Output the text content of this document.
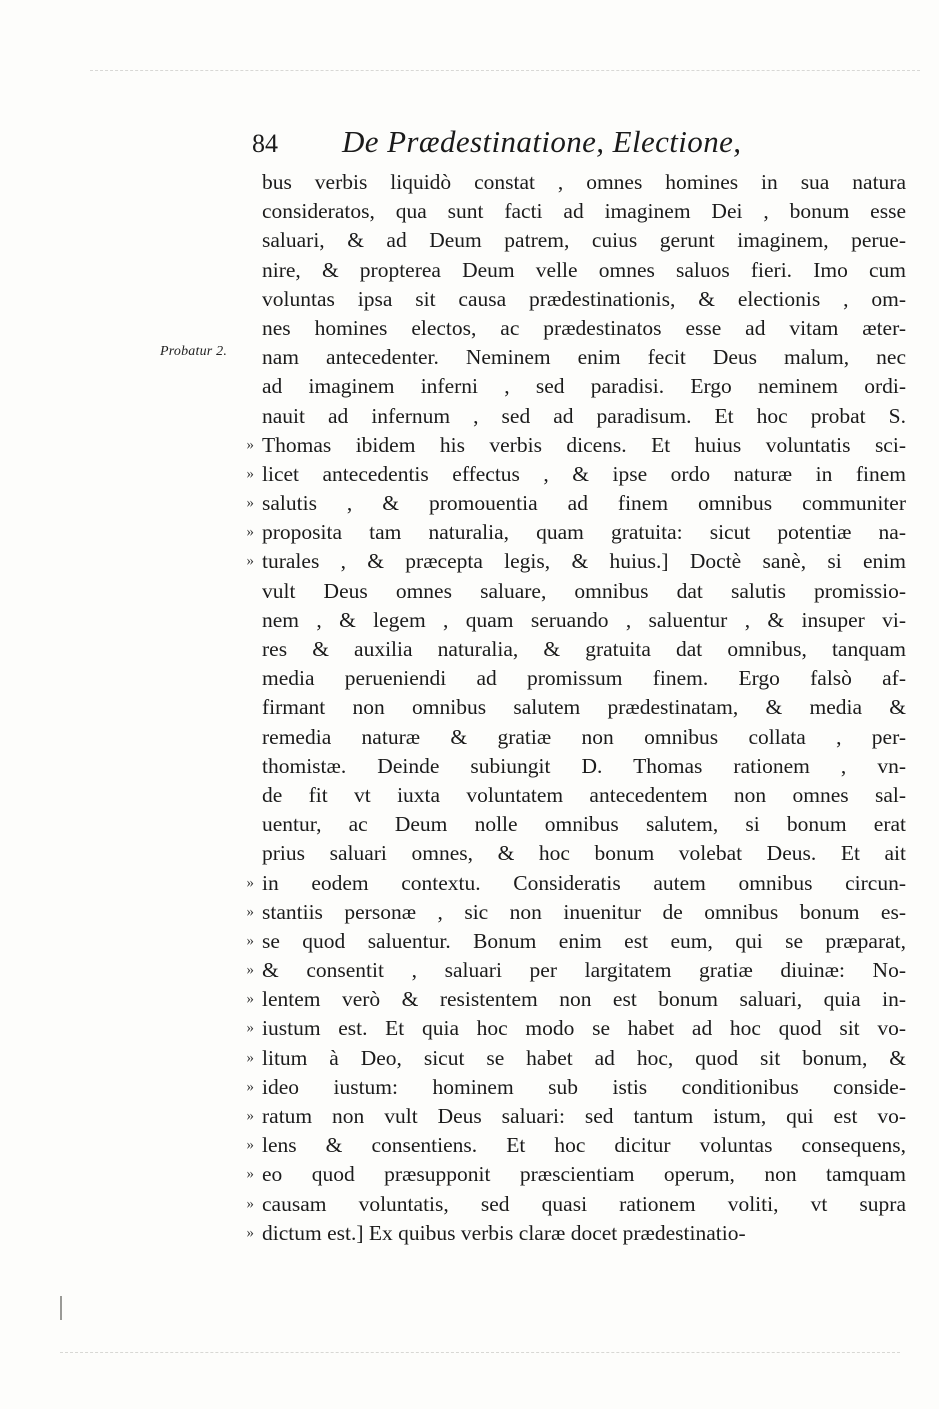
84	De Prædestinatione, Electione,
Probatur 2.
bus verbis liquidò constat , omnes homines in sua natura
consideratos, qua sunt facti ad imaginem Dei , bonum esse
saluari, & ad Deum patrem, cuius gerunt imaginem, perue-
nire, & propterea Deum velle omnes saluos fieri. Imo cum
voluntas ipsa sit causa prædestinationis, & electionis , om-
nes homines electos, ac prædestinatos esse ad vitam æter-
nam antecedenter. Neminem enim fecit Deus malum, nec
ad imaginem inferni , sed paradisi. Ergo neminem ordi-
nauit ad infernum , sed ad paradisum. Et hoc probat S.
» Thomas ibidem his verbis dicens. Et huius voluntatis sci-
» licet antecedentis effectus , & ipse ordo naturæ in finem
» salutis , & promouentia ad finem omnibus communiter
» proposita tam naturalia, quam gratuita: sicut potentiæ na-
» turales , & præcepta legis, & huius.] Doctè sanè, si enim
vult Deus omnes saluare, omnibus dat salutis promissio-
nem , & legem , quam seruando , saluentur , & insuper vi-
res & auxilia naturalia, & gratuita dat omnibus, tanquam
media perueniendi ad promissum finem. Ergo falsò af-
firmant non omnibus salutem prædestinatam, & media &
remedia naturæ & gratiæ non omnibus collata , per-
thomistæ. Deinde subiungit D. Thomas rationem , vn-
de fit vt iuxta voluntatem antecedentem non omnes sal-
uentur, ac Deum nolle omnibus salutem, si bonum erat
prius saluari omnes, & hoc bonum volebat Deus. Et ait
» in eodem contextu. Consideratis autem omnibus circun-
» stantiis personæ , sic non inuenitur de omnibus bonum es-
» se quod saluentur. Bonum enim est eum, qui se præparat,
» & consentit , saluari per largitatem gratiæ diuinæ: No-
» lentem verò & resistentem non est bonum saluari, quia in-
» iustum est. Et quia hoc modo se habet ad hoc quod sit vo-
» litum à Deo, sicut se habet ad hoc, quod sit bonum, &
» ideo iustum: hominem sub istis conditionibus conside-
» ratum non vult Deus saluari: sed tantum istum, qui est vo-
» lens & consentiens. Et hoc dicitur voluntas consequens,
» eo quod præsupponit præscientiam operum, non tamquam
» causam voluntatis, sed quasi rationem voliti, vt supra
» dictum est.] Ex quibus verbis claræ docet prædestinatio-
